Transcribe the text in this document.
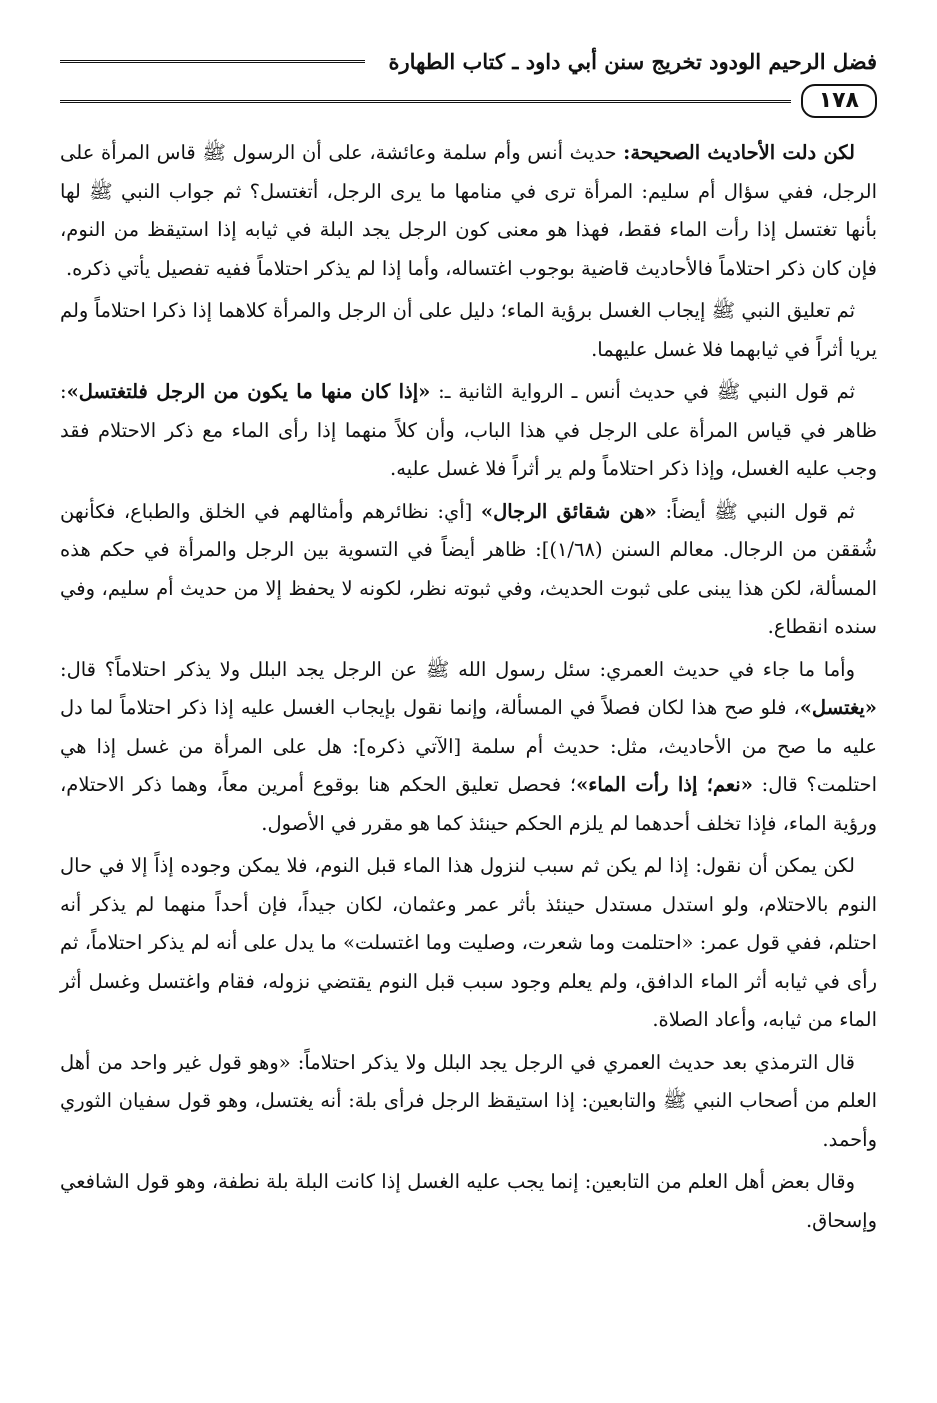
فضل الرحيم الودود تخريج سنن أبي داود ـ كتاب الطهارة
١٧٨

لكن دلت الأحاديث الصحيحة: حديث أنس وأم سلمة وعائشة، على أن الرسول ﷺ قاس المرأة على الرجل، ففي سؤال أم سليم: المرأة ترى في منامها ما يرى الرجل، أتغتسل؟ ثم جواب النبي ﷺ لها بأنها تغتسل إذا رأت الماء فقط، فهذا هو معنى كون الرجل يجد البلة في ثيابه إذا استيقظ من النوم، فإن كان ذكر احتلاماً فالأحاديث قاضية بوجوب اغتساله، وأما إذا لم يذكر احتلاماً ففيه تفصيل يأتي ذكره.

ثم تعليق النبي ﷺ إيجاب الغسل برؤية الماء؛ دليل على أن الرجل والمرأة كلاهما إذا ذكرا احتلاماً ولم يريا أثراً في ثيابهما فلا غسل عليهما.

ثم قول النبي ﷺ في حديث أنس ـ الرواية الثانية ـ: «إذا كان منها ما يكون من الرجل فلتغتسل»: ظاهر في قياس المرأة على الرجل في هذا الباب، وأن كلاً منهما إذا رأى الماء مع ذكر الاحتلام فقد وجب عليه الغسل، وإذا ذكر احتلاماً ولم ير أثراً فلا غسل عليه.

ثم قول النبي ﷺ أيضاً: «هن شقائق الرجال» [أي: نظائرهم وأمثالهم في الخلق والطباع، فكأنهن شُققن من الرجال. معالم السنن (١/٦٨)]: ظاهر أيضاً في التسوية بين الرجل والمرأة في حكم هذه المسألة، لكن هذا يبنى على ثبوت الحديث، وفي ثبوته نظر، لكونه لا يحفظ إلا من حديث أم سليم، وفي سنده انقطاع.

وأما ما جاء في حديث العمري: سئل رسول الله ﷺ عن الرجل يجد البلل ولا يذكر احتلاماً؟ قال: «يغتسل»، فلو صح هذا لكان فصلاً في المسألة، وإنما نقول بإيجاب الغسل عليه إذا ذكر احتلاماً لما دل عليه ما صح من الأحاديث، مثل: حديث أم سلمة [الآتي ذكره]: هل على المرأة من غسل إذا هي احتلمت؟ قال: «نعم؛ إذا رأت الماء»؛ فحصل تعليق الحكم هنا بوقوع أمرين معاً، وهما ذكر الاحتلام، ورؤية الماء، فإذا تخلف أحدهما لم يلزم الحكم حينئذ كما هو مقرر في الأصول.

لكن يمكن أن نقول: إذا لم يكن ثم سبب لنزول هذا الماء قبل النوم، فلا يمكن وجوده إذاً إلا في حال النوم بالاحتلام، ولو استدل مستدل حينئذ بأثر عمر وعثمان، لكان جيداً، فإن أحداً منهما لم يذكر أنه احتلم، ففي قول عمر: «احتلمت وما شعرت، وصليت وما اغتسلت» ما يدل على أنه لم يذكر احتلاماً، ثم رأى في ثيابه أثر الماء الدافق، ولم يعلم وجود سبب قبل النوم يقتضي نزوله، فقام واغتسل وغسل أثر الماء من ثيابه، وأعاد الصلاة.

قال الترمذي بعد حديث العمري في الرجل يجد البلل ولا يذكر احتلاماً: «وهو قول غير واحد من أهل العلم من أصحاب النبي ﷺ والتابعين: إذا استيقظ الرجل فرأى بلة: أنه يغتسل، وهو قول سفيان الثوري وأحمد.

وقال بعض أهل العلم من التابعين: إنما يجب عليه الغسل إذا كانت البلة بلة نطفة، وهو قول الشافعي وإسحاق.
